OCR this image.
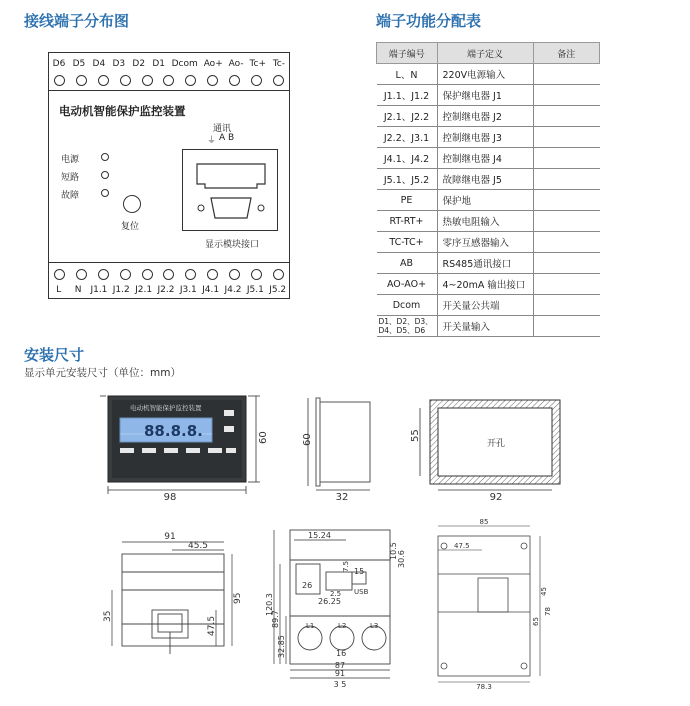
接线端子分布图
D6 D5 D4 D3 D2 D1 Dcom Ao+ Ao- Tc+ Tc-
电动机智能保护监控装置
通讯
⏚ A B
电源
短路
故障
复位
显示模块接口
L	N	J1.1 J1.2 J2.1 J2.2 J3.1 J4.1 J4.2 J5.1 J5.2
端子功能分配表
端子编号	端子定义	备注
L、N	220V电源输入	
J1.1、J1.2	保护继电器 J1	
J2.1、J2.2	控制继电器 J2	
J2.2、J3.1	控制继电器 J3	
J4.1、J4.2	控制继电器 J4	
J5.1、J5.2	故障继电器 J5	
PE	保护地	
RT-RT+	热敏电阻输入	
TC-TC+	零序互感器输入	
AB	RS485通讯接口	
AO-AO+	4~20mA 输出接口	
Dcom	开关量公共端	
D1、D2、D3、D4、D5、D6	开关量输入	
安装尺寸
显示单元安装尺寸（单位：mm）
电动机智能保护监控装置
88.8.8.
98
60	60
32
开孔
55
92
91
45.5
35	47.5
95
15.24
10.5 30.6
7.5 15
26
2.5 USB
26.25
120.3
89.7
32.85
L1	L2	L3
16
87
91
3 5
85
47.5
45
65
78
78.3
